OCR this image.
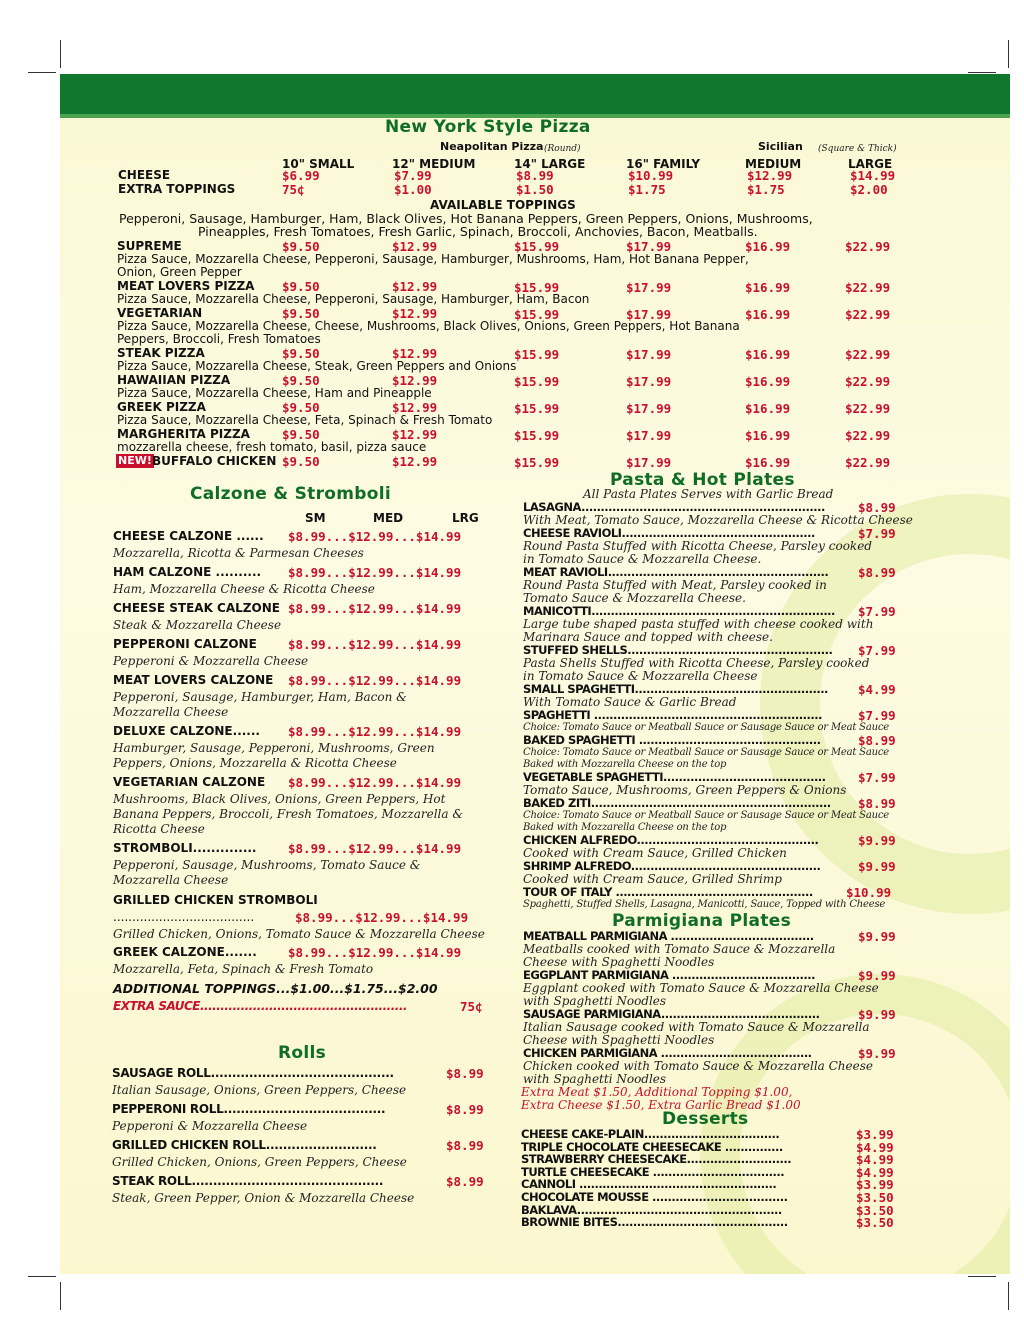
New York Style Pizza
Neapolitan Pizza (Round)	Sicilian (Square & Thick)
10" SMALL	12" MEDIUM	14" LARGE	16" FAMILY	MEDIUM	LARGE
CHEESE	$6.99	$7.99	$8.99	$10.99	$12.99	$14.99
EXTRA TOPPINGS	75¢	$1.00	$1.50	$1.75	$1.75	$2.00
AVAILABLE TOPPINGS
Pepperoni, Sausage, Hamburger, Ham, Black Olives, Hot Banana Peppers, Green Peppers, Onions, Mushrooms,
Pineapples, Fresh Tomatoes, Fresh Garlic, Spinach, Broccoli, Anchovies, Bacon, Meatballs.
SUPREME	$9.50	$12.99	$15.99	$17.99	$16.99	$22.99
Pizza Sauce, Mozzarella Cheese, Pepperoni, Sausage, Hamburger, Mushrooms, Ham, Hot Banana Pepper,
Onion, Green Pepper
MEAT LOVERS PIZZA $9.50	$12.99	$15.99	$17.99	$16.99	$22.99
Pizza Sauce, Mozzarella Cheese, Pepperoni, Sausage, Hamburger, Ham, Bacon
VEGETARIAN	$9.50	$12.99	$15.99	$17.99	$16.99	$22.99
Pizza Sauce, Mozzarella Cheese, Cheese, Mushrooms, Black Olives, Onions, Green Peppers, Hot Banana
Peppers, Broccoli, Fresh Tomatoes
STEAK PIZZA	$9.50	$12.99	$15.99	$17.99	$16.99	$22.99
Pizza Sauce, Mozzarella Cheese, Steak, Green Peppers and Onions
HAWAIIAN PIZZA	$9.50	$12.99	$15.99	$17.99	$16.99	$22.99
Pizza Sauce, Mozzarella Cheese, Ham and Pineapple
GREEK PIZZA	$9.50	$12.99	$15.99	$17.99	$16.99	$22.99
Pizza Sauce, Mozzarella Cheese, Feta, Spinach & Fresh Tomato
MARGHERITA PIZZA	$9.50	$12.99	$15.99	$17.99	$16.99	$22.99
mozzarella cheese, fresh tomato, basil, pizza sauce
NEW! BUFFALO CHICKEN $9.50	$12.99	$15.99	$17.99	$16.99	$22.99
Calzone & Stromboli
SM	MED	LRG
CHEESE CALZONE ...... $8.99...$12.99...$14.99
Mozzarella, Ricotta & Parmesan Cheeses
HAM CALZONE .......... $8.99...$12.99...$14.99
Ham, Mozzarella Cheese & Ricotta Cheese
CHEESE STEAK CALZONE $8.99...$12.99...$14.99
Steak & Mozzarella Cheese
PEPPERONI CALZONE $8.99...$12.99...$14.99
Pepperoni & Mozzarella Cheese
MEAT LOVERS CALZONE $8.99...$12.99...$14.99
Pepperoni, Sausage, Hamburger, Ham, Bacon &
Mozzarella Cheese
DELUXE CALZONE...... $8.99...$12.99...$14.99
Hamburger, Sausage, Pepperoni, Mushrooms, Green
Peppers, Onions, Mozzarella & Ricotta Cheese
VEGETARIAN CALZONE $8.99...$12.99...$14.99
Mushrooms, Black Olives, Onions, Green Peppers, Hot
Banana Peppers, Broccoli, Fresh Tomatoes, Mozzarella &
Ricotta Cheese
STROMBOLI..............	$8.99...$12.99...$14.99
Pepperoni, Sausage, Mushrooms, Tomato Sauce &
Mozzarella Cheese
GRILLED CHICKEN STROMBOLI
.....................................	$8.99...$12.99...$14.99
Grilled Chicken, Onions, Tomato Sauce & Mozzarella Cheese
GREEK CALZONE....... $8.99...$12.99...$14.99
Mozzarella, Feta, Spinach & Fresh Tomato
ADDITIONAL TOPPINGS...$1.00...$1.75...$2.00
EXTRA SAUCE...................................................	75¢
Rolls
SAUSAGE ROLL...........................................	$8.99
Italian Sausage, Onions, Green Peppers, Cheese
PEPPERONI ROLL......................................	$8.99
Pepperoni & Mozzarella Cheese
GRILLED CHICKEN ROLL..........................	$8.99
Grilled Chicken, Onions, Green Peppers, Cheese
STEAK ROLL.............................................	$8.99
Steak, Green Pepper, Onion & Mozzarella Cheese
Pasta & Hot Plates
All Pasta Plates Serves with Garlic Bread
LASAGNA...............................................................	$8.99
With Meat, Tomato Sauce, Mozzarella Cheese & Ricotta Cheese
CHEESE RAVIOLI..................................................	$7.99
Round Pasta Stuffed with Ricotta Cheese, Parsley cooked
in Tomato Sauce & Mozzarella Cheese.
MEAT RAVIOLI......................................................... $8.99
Round Pasta Stuffed with Meat, Parsley cooked in
Tomato Sauce & Mozzarella Cheese.
MANICOTTI............................................................... $7.99
Large tube shaped pasta stuffed with cheese cooked with
Marinara Sauce and topped with cheese.
STUFFED SHELLS..................................................... $7.99
Pasta Shells Stuffed with Ricotta Cheese, Parsley cooked
in Tomato Sauce & Mozzarella Cheese
SMALL SPAGHETTI.................................................. $4.99
With Tomato Sauce & Garlic Bread
SPAGHETTI ...........................................................	$7.99
Choice: Tomato Sauce or Meatball Sauce or Sausage Sauce or Meat Sauce
BAKED SPAGHETTI ...............................................	$8.99
Choice: Tomato Sauce or Meatball Sauce or Sausage Sauce or Meat Sauce
Baked with Mozzarella Cheese on the top
VEGETABLE SPAGHETTI..........................................	$7.99
Tomato Sauce, Mushrooms, Green Peppers & Onions
BAKED ZITI.............................................................. $8.99
Choice: Tomato Sauce or Meatball Sauce or Sausage Sauce or Meat Sauce
Baked with Mozzarella Cheese on the top
CHICKEN ALFREDO...............................................	$9.99
Cooked with Cream Sauce, Grilled Chicken
SHRIMP ALFREDO.................................................	$9.99
Cooked with Cream Sauce, Grilled Shrimp
TOUR OF ITALY ...................................................	$10.99
Spaghetti, Stuffed Shells, Lasagna, Manicotti, Sauce, Topped with Cheese
Parmigiana Plates
MEATBALL PARMIGIANA .....................................	$9.99
Meatballs cooked with Tomato Sauce & Mozzarella
Cheese with Spaghetti Noodles
EGGPLANT PARMIGIANA .....................................	$9.99
Eggplant cooked with Tomato Sauce & Mozzarella Cheese
with Spaghetti Noodles
SAUSAGE PARMIGIANA.........................................	$9.99
Italian Sausage cooked with Tomato Sauce & Mozzarella
Cheese with Spaghetti Noodles
CHICKEN PARMIGIANA .......................................	$9.99
Chicken cooked with Tomato Sauce & Mozzarella Cheese
with Spaghetti Noodles
Extra Meat $1.50, Additional Topping $1.00,
Extra Cheese $1.50, Extra Garlic Bread $1.00
Desserts
CHEESE CAKE-PLAIN...................................	$3.99
TRIPLE CHOCOLATE CHEESECAKE ...............	$4.99
STRAWBERRY CHEESECAKE...........................	$4.99
TURTLE CHEESECAKE ..................................	$4.99
CANNOLI ...................................................	$3.99
CHOCOLATE MOUSSE ...................................	$3.50
BAKLAVA.....................................................	$3.50
BROWNIE BITES............................................	$3.50
